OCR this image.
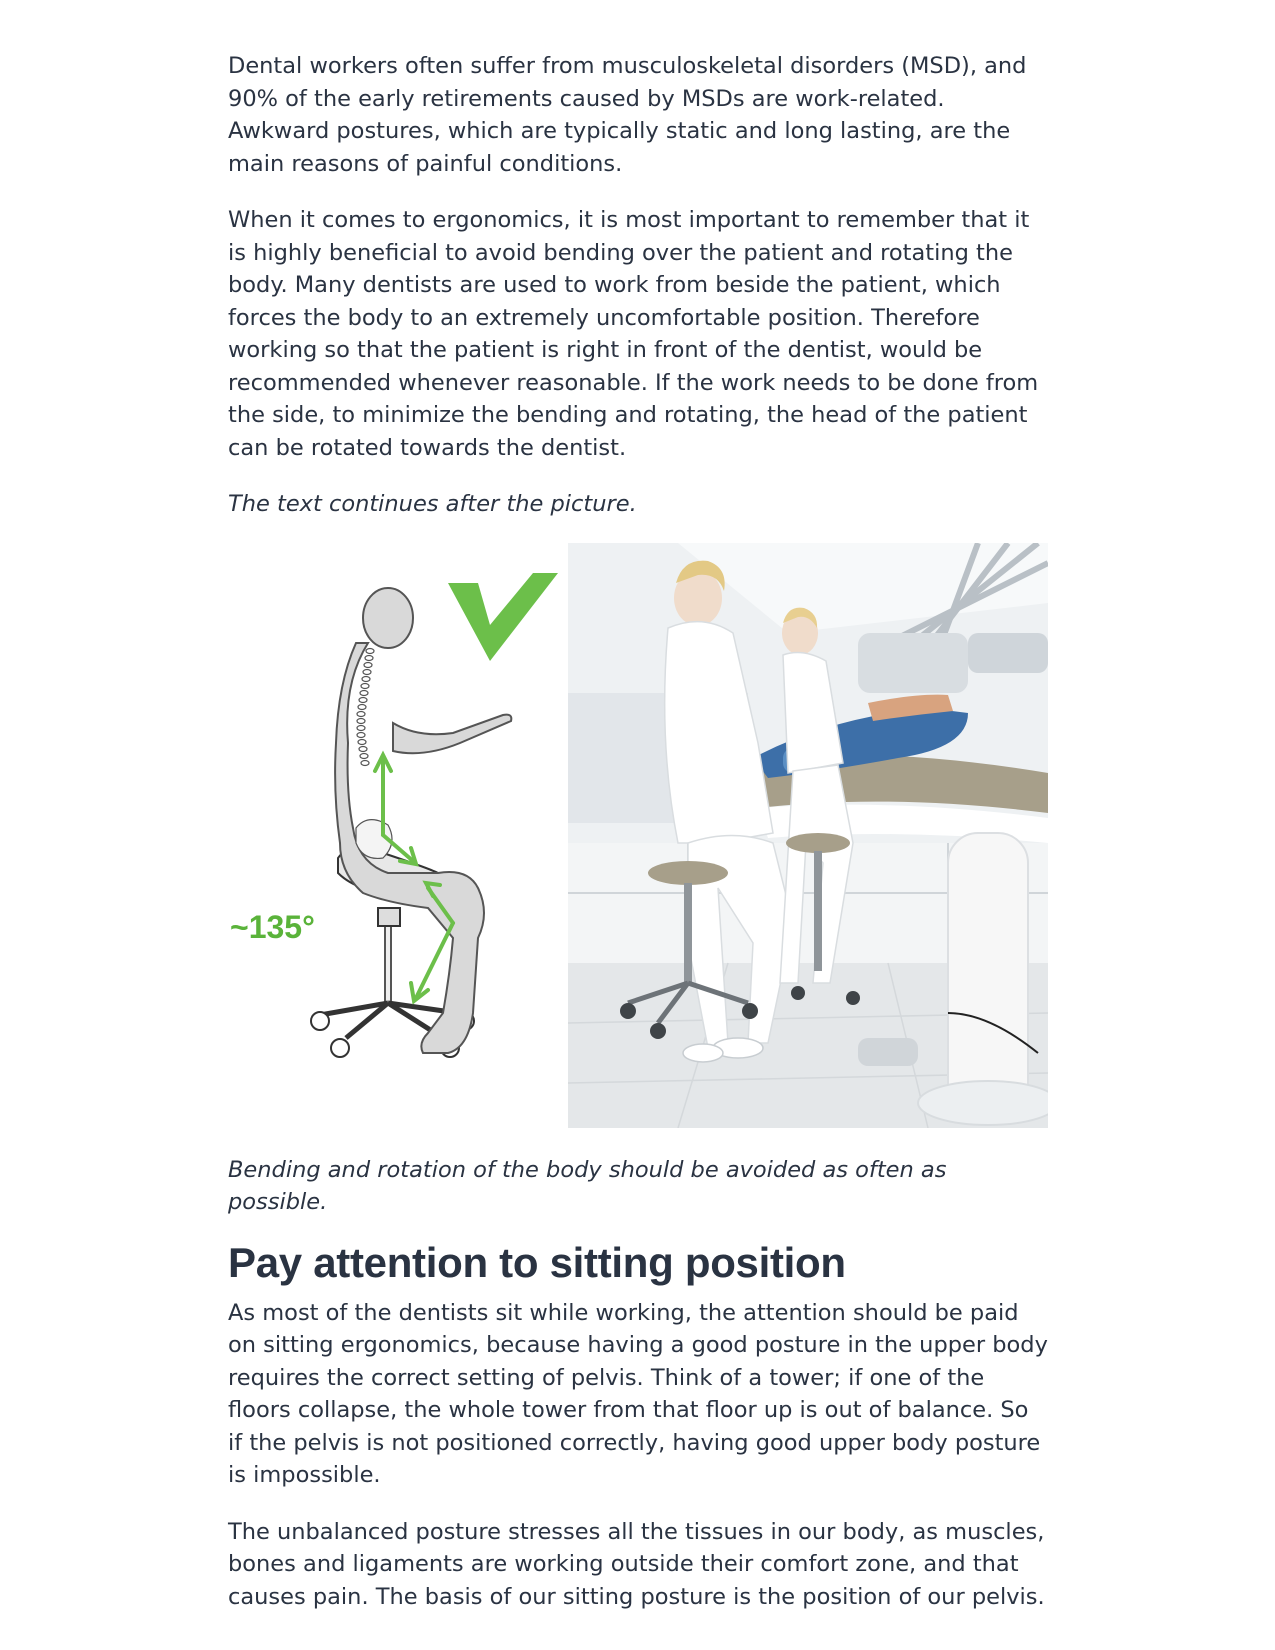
Dental workers often suffer from musculoskeletal disorders (MSD), and 90% of the early retirements caused by MSDs are work-related. Awkward postures, which are typically static and long lasting, are the main reasons of painful conditions.

When it comes to ergonomics, it is most important to remember that it is highly beneficial to avoid bending over the patient and rotating the body. Many dentists are used to work from beside the patient, which forces the body to an extremely uncomfortable position. Therefore working so that the patient is right in front of the dentist, would be recommended whenever reasonable. If the work needs to be done from the side, to minimize the bending and rotating, the head of the patient can be rotated towards the dentist.

The text continues after the picture.

~135°

Bending and rotation of the body should be avoided as often as possible.

Pay attention to sitting position

As most of the dentists sit while working, the attention should be paid on sitting ergonomics, because having a good posture in the upper body requires the correct setting of pelvis. Think of a tower; if one of the floors collapse, the whole tower from that floor up is out of balance. So if the pelvis is not positioned correctly, having good upper body posture is impossible.

The unbalanced posture stresses all the tissues in our body, as muscles, bones and ligaments are working outside their comfort zone, and that causes pain. The basis of our sitting posture is the position of our pelvis.
